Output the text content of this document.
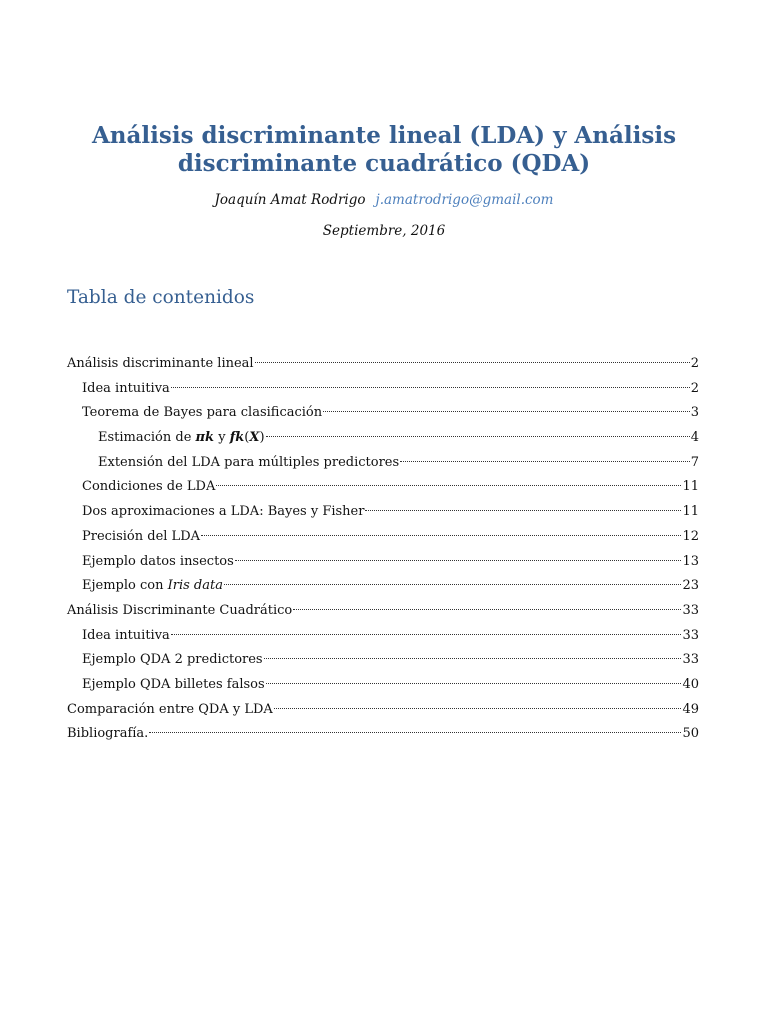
Análisis discriminante lineal (LDA) y Análisis
discriminante cuadrático (QDA)
Joaquín Amat Rodrigo j.amatrodrigo@gmail.com
Septiembre, 2016
Tabla de contenidos
Análisis discriminante lineal	2
Idea intuitiva	2
Teorema de Bayes para clasificación	3
Estimación de πk y fk(X)	4
Extensión del LDA para múltiples predictores	7
Condiciones de LDA	11
Dos aproximaciones a LDA: Bayes y Fisher	11
Precisión del LDA	12
Ejemplo datos insectos	13
Ejemplo con Iris data	23
Análisis Discriminante Cuadrático	33
Idea intuitiva	33
Ejemplo QDA 2 predictores	33
Ejemplo QDA billetes falsos	40
Comparación entre QDA y LDA	49
Bibliografía.	50
